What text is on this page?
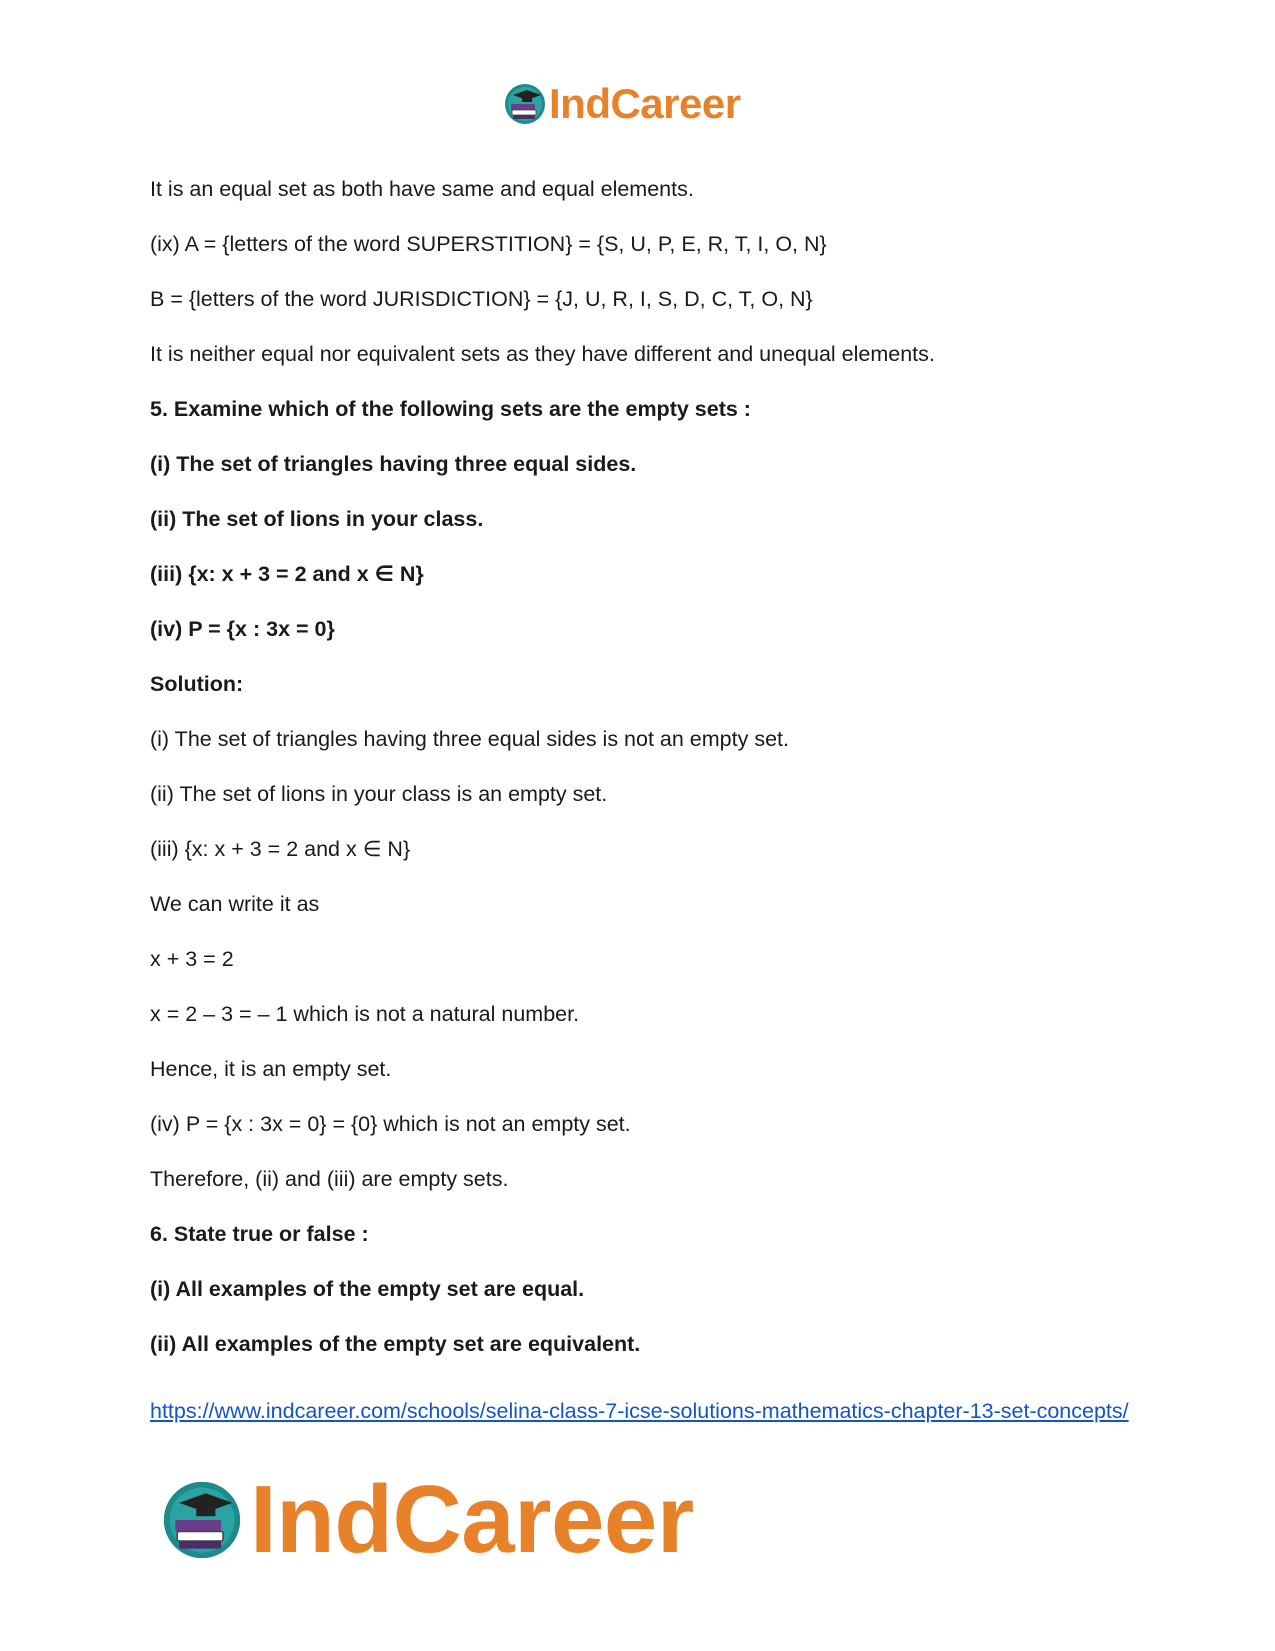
IndCareer
It is an equal set as both have same and equal elements.
(ix) A = {letters of the word SUPERSTITION} = {S, U, P, E, R, T, I, O, N}
B = {letters of the word JURISDICTION} = {J, U, R, I, S, D, C, T, O, N}
It is neither equal nor equivalent sets as they have different and unequal elements.
5. Examine which of the following sets are the empty sets :
(i) The set of triangles having three equal sides.
(ii) The set of lions in your class.
(iii) {x: x + 3 = 2 and x ∈ N}
(iv) P = {x : 3x = 0}
Solution:
(i) The set of triangles having three equal sides is not an empty set.
(ii) The set of lions in your class is an empty set.
(iii) {x: x + 3 = 2 and x ∈ N}
We can write it as
x + 3 = 2
x = 2 – 3 = – 1 which is not a natural number.
Hence, it is an empty set.
(iv) P = {x : 3x = 0} = {0} which is not an empty set.
Therefore, (ii) and (iii) are empty sets.
6. State true or false :
(i) All examples of the empty set are equal.
(ii) All examples of the empty set are equivalent.
https://www.indcareer.com/schools/selina-class-7-icse-solutions-mathematics-chapter-13-set-concepts/
IndCareer
